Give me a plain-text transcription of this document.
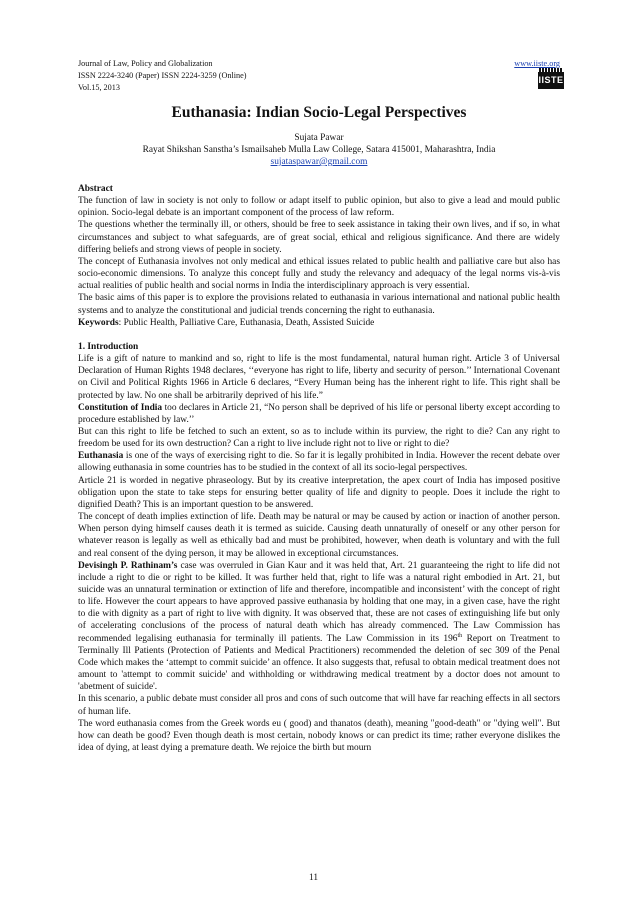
Journal of Law, Policy and Globalization
ISSN 2224-3240 (Paper) ISSN 2224-3259 (Online)
Vol.15, 2013
www.iiste.org
IISTE
Euthanasia: Indian Socio-Legal Perspectives
Sujata Pawar
Rayat Shikshan Sanstha’s Ismailsaheb Mulla Law College, Satara 415001, Maharashtra, India
sujataspawar@gmail.com

Abstract

The function of law in society is not only to follow or adapt itself to public opinion, but also to give a lead and mould public opinion. Socio-legal debate is an important component of the process of law reform.

The questions whether the terminally ill, or others, should be free to seek assistance in taking their own lives, and if so, in what circumstances and subject to what safeguards, are of great social, ethical and religious significance. And there are widely differing beliefs and strong views of people in society.

The concept of Euthanasia involves not only medical and ethical issues related to public health and palliative care but also has socio-economic dimensions. To analyze this concept fully and study the relevancy and adequacy of the legal norms vis-à-vis actual realities of public health and social norms in India the interdisciplinary approach is very essential.

The basic aims of this paper is to explore the provisions related to euthanasia in various international and national public health systems and to analyze the constitutional and judicial trends concerning the right to euthanasia.

Keywords: Public Health, Palliative Care, Euthanasia, Death, Assisted Suicide

1. Introduction

Life is a gift of nature to mankind and so, right to life is the most fundamental, natural human right. Article 3 of Universal Declaration of Human Rights 1948 declares, ‘‘everyone has right to life, liberty and security of person.’’ International Covenant on Civil and Political Rights 1966 in Article 6 declares, “Every Human being has the inherent right to life. This right shall be protected by law. No one shall be arbitrarily deprived of his life.”

Constitution of India too declares in Article 21, “No person shall be deprived of his life or personal liberty except according to procedure established by law.’’

But can this right to life be fetched to such an extent, so as to include within its purview, the right to die? Can any right to freedom be used for its own destruction? Can a right to live include right not to live or right to die?

Euthanasia is one of the ways of exercising right to die. So far it is legally prohibited in India. However the recent debate over allowing euthanasia in some countries has to be studied in the context of all its socio-legal perspectives.

Article 21 is worded in negative phraseology. But by its creative interpretation, the apex court of India has imposed positive obligation upon the state to take steps for ensuring better quality of life and dignity to people. Does it include the right to dignified Death? This is an important question to be answered.

The concept of death implies extinction of life. Death may be natural or may be caused by action or inaction of another person. When person dying himself causes death it is termed as suicide. Causing death unnaturally of oneself or any other person for whatever reason is legally as well as ethically bad and must be prohibited, however, when death is voluntary and with the full and real consent of the dying person, it may be allowed in exceptional circumstances.

Devisingh P. Rathinam’s case was overruled in Gian Kaur and it was held that, Art. 21 guaranteeing the right to life did not include a right to die or right to be killed. It was further held that, right to life was a natural right embodied in Art. 21, but suicide was an unnatural termination or extinction of life and therefore, incompatible and inconsistent’ with the concept of right to life. However the court appears to have approved passive euthanasia by holding that one may, in a given case, have the right to die with dignity as a part of right to live with dignity. It was observed that, these are not cases of extinguishing life but only of accelerating conclusions of the process of natural death which has already commenced. The Law Commission has recommended legalising euthanasia for terminally ill patients. The Law Commission in its 196th Report on Treatment to Terminally Ill Patients (Protection of Patients and Medical Practitioners) recommended the deletion of sec 309 of the Penal Code which makes the ‘attempt to commit suicide’ an offence. It also suggests that, refusal to obtain medical treatment does not amount to 'attempt to commit suicide' and withholding or withdrawing medical treatment by a doctor does not amount to 'abetment of suicide'.

In this scenario, a public debate must consider all pros and cons of such outcome that will have far reaching effects in all sectors of human life.

The word euthanasia comes from the Greek words eu ( good) and thanatos (death), meaning "good-death" or "dying well". But how can death be good? Even though death is most certain, nobody knows or can predict its time; rather everyone dislikes the idea of dying, at least dying a premature death. We rejoice the birth but mourn

11
